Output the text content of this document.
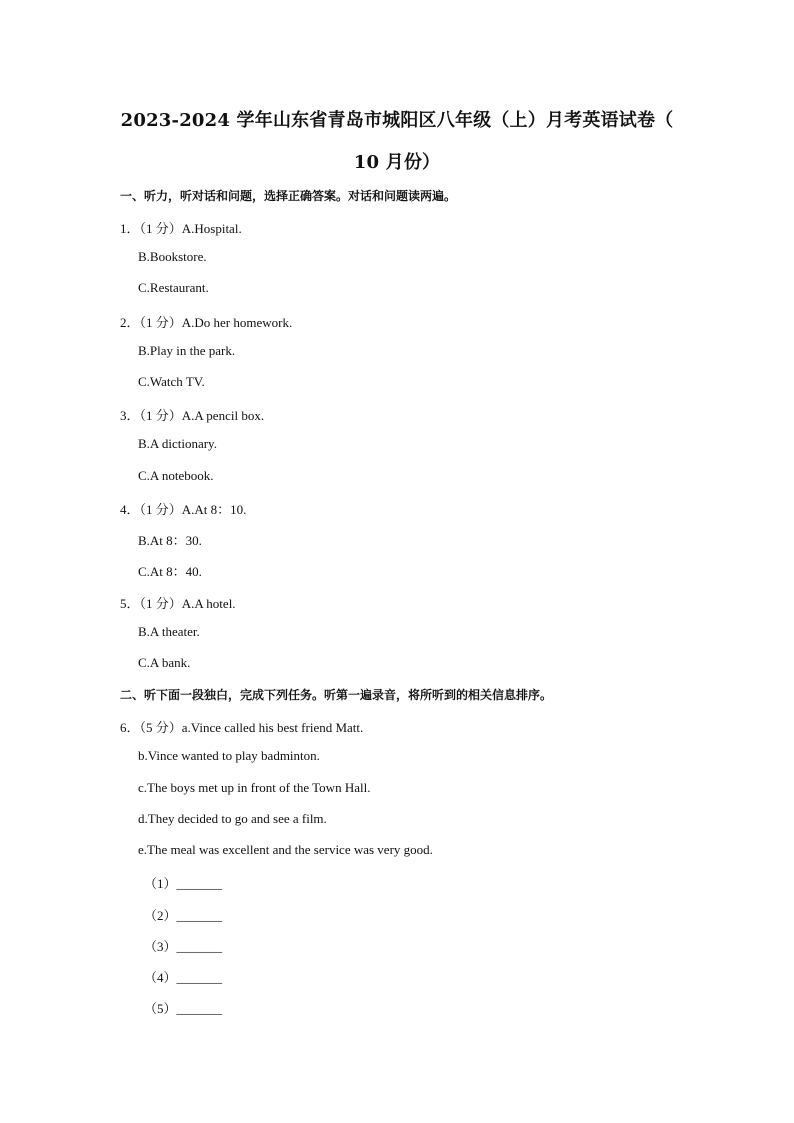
2023-2024 学年山东省青岛市城阳区八年级（上）月考英语试卷（
10 月份）
一、听力，听对话和问题，选择正确答案。对话和问题读两遍。
1．（1 分）A.Hospital.
B.Bookstore.
C.Restaurant.
2．（1 分）A.Do her homework.
B.Play in the park.
C.Watch TV.
3．（1 分）A.A pencil box.
B.A dictionary.
C.A notebook.
4．（1 分）A.At 8：10.
B.At 8：30.
C.At 8：40.
5．（1 分）A.A hotel.
B.A theater.
C.A bank.
二、听下面一段独白，完成下列任务。听第一遍录音，将所听到的相关信息排序。
6．（5 分）a.Vince called his best friend Matt.
b.Vince wanted to play badminton.
c.The boys met up in front of the Town Hall.
d.They decided to go and see a film.
e.The meal was excellent and the service was very good.
（1）_______
（2）_______
（3）_______
（4）_______
（5）_______
